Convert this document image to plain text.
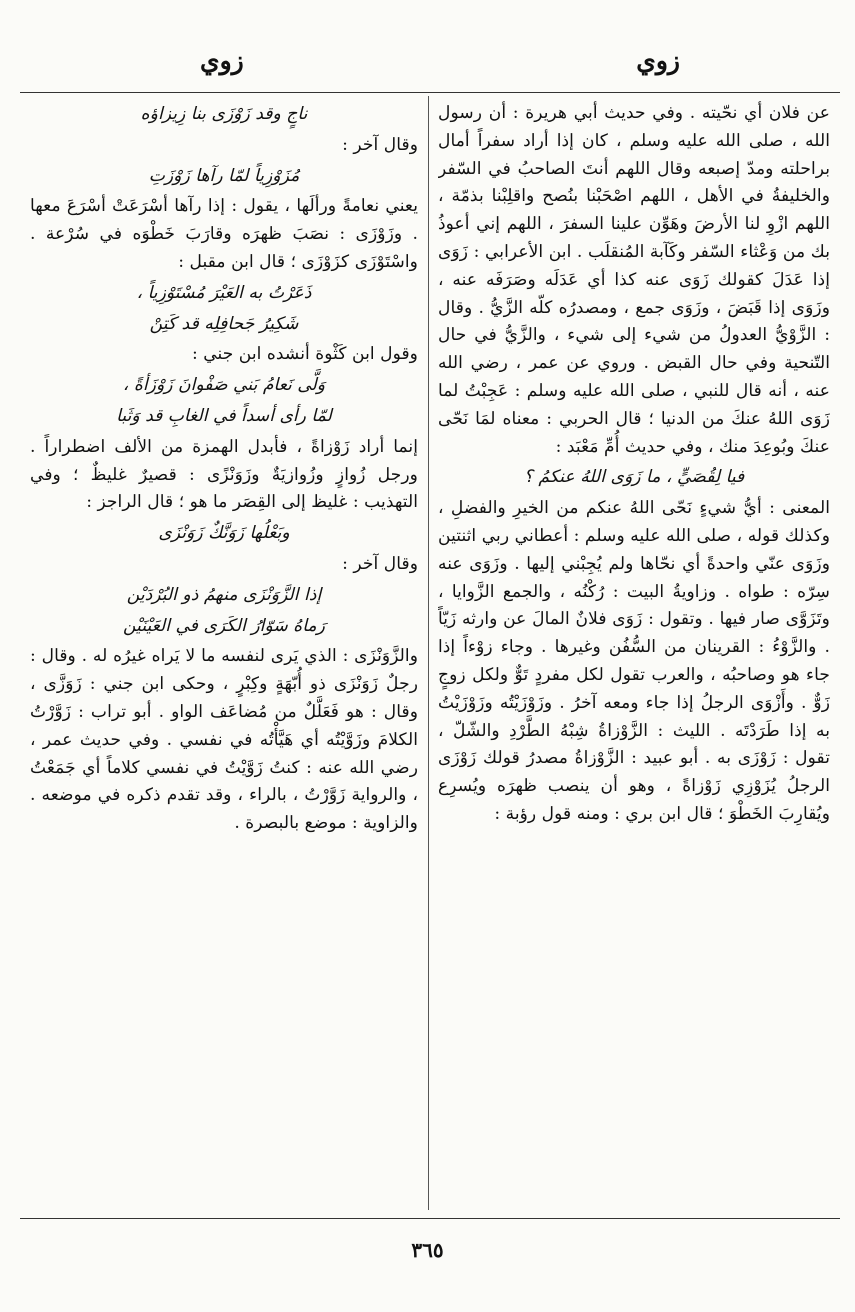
زوي
زوي

عن فلان أي نحّيته . وفي حديث أبي هريرة : أن رسول الله ، صلى الله عليه وسلم ، كان إذا أراد سفراً أمال براحلته ومدّ إصبعه وقال اللهم أنتَ الصاحبُ في السّفر والخليفةُ في الأهل ، اللهم اصْحَبْنا بنُصح واقلِبْنا بذمّة ، اللهم ازْوِ لنا الأرضَ وهَوِّن علينا السفرَ ، اللهم إني أعوذُ بك من وَعْثاء السّفر وكَآبة المُنقلَب . ابن الأعرابي : زَوَى إذا عَدَلَ كقولك زَوَى عنه كذا أي عَدَلَه وصَرَفَه عنه ، وزَوَى إذا قَبَضَ ، وزَوَى جمع ، ومصدرُه كلّه الزَّيُّ . وقال : الزَّوْيُّ العدولُ من شيء إلى شيء ، والزَّيُّ في حال التّنحية وفي حال القبض . وروي عن عمر ، رضي الله عنه ، أنه قال للنبي ، صلى الله عليه وسلم : عَجِبْتُ لما زَوَى اللهُ عنكَ من الدنيا ؛ قال الحربي : معناه لمَا نَحّى عنكَ وبُوعِدَ منك ، وفي حديث أُمِّ مَعْبَد :

فيا لِقُصَيٍّ ، ما زَوَى اللهُ عنكمُ ؟

المعنى : أيُّ شيءٍ نَحّى اللهُ عنكم من الخيرِ والفضلِ ، وكذلك قوله ، صلى الله عليه وسلم : أعطاني ربي اثنتين وزَوَى عنّي واحدةً أي نحّاها ولم يُجِبْني إليها . وزَوَى عنه سِرّه : طواه . وزاويةُ البيت : رُكْنُه ، والجمع الزَّوايا ، وتَزَوَّى صار فيها . وتقول : زَوَى فلانٌ المالَ عن وارثه زَيّاً . والزَّوْءُ : القرينان من السُّفُن وغيرها . وجاء زوْءاً إذا جاء هو وصاحبُه ، والعرب تقول لكل مفردٍ تَوٌّ ولكل زوجٍ زَوٌّ . وأَزْوَى الرجلُ إذا جاء ومعه آخرُ . وزَوْزَيْتُه وزَوْزَيْتُ به إذا طَرَدْتَه . الليث : الزَّوْزاةُ شِبْهُ الطَّرْدِ والشّلّ ، تقول : زَوْزَى به . أبو عبيد : الزَّوْزاةُ مصدرُ قولك زَوْزَى الرجلُ يُزَوْزِي زَوْزاةً ، وهو أن ينصب ظهرَه ويُسرِع ويُقارِبَ الخَطْوَ ؛ قال ابن بري : ومنه قول رؤبة :

ناجٍ وقد زَوْزَى بنا زِيزاؤه

وقال آخر :

مُزَوْزِياً لمّا رآها زَوْزَتِ

يعني نعامةً ورألَها ، يقول : إذا رآها أسْرَعَتْ أسْرَعَ معها . وزَوْزَى : نصَبَ ظهرَه وقارَبَ خَطْوَه في سُرْعة . واسْتَوْزَى كزَوْزَى ؛ قال ابن مقبل :

ذَعَرْتُ به العَيْرَ مُسْتَوْزِياً ،

شَكِيرُ جَحافِلِه قد كَتِنْ

وقول ابن كَثْوة أنشده ابن جني :

وَلَّى نَعامُ بَني صَفْوانَ زَوْزَأةً ،

لمّا رأى أسداً في الغابِ قد وَثَبا

إنما أراد زَوْزاةً ، فأبدل الهمزة من الألف اضطراراً . ورجل زُوازٍ وزُوازيَةٌ وزَوَنْزًى : قصيرٌ غليظٌ ؛ وفي التهذيب : غليظ إلى القِصَر ما هو ؛ قال الراجز :

وبَعْلُها زَوَنَّكٌ زَوَنْزَى

وقال آخر :

إذا الزَّوَنْزَى منهمُ ذو البُرْدَيْن

رَماهُ سَوّارُ الكَرَى في العَيْنَيْن

والزَّوَنْزَى : الذي يَرى لنفسه ما لا يَراه غيرُه له . وقال : رجلٌ زَوَنْزَى ذو أُبّهَةٍ وكِبْرٍ ، وحكى ابن جني : زَوَزَّى ، وقال : هو فَعَلَّلٌ من مُضاعَف الواو . أبو تراب : زَوَّرْتُ الكلامَ وزَوَّيْتُه أي هَيَّأْتُه في نفسي . وفي حديث عمر ، رضي الله عنه : كنتُ زَوَّيْتُ في نفسي كلاماً أي جَمَعْتُ ، والرواية زَوَّرْتُ ، بالراء ، وقد تقدم ذكره في موضعه . والزاوية : موضع بالبصرة .

٣٦٥
